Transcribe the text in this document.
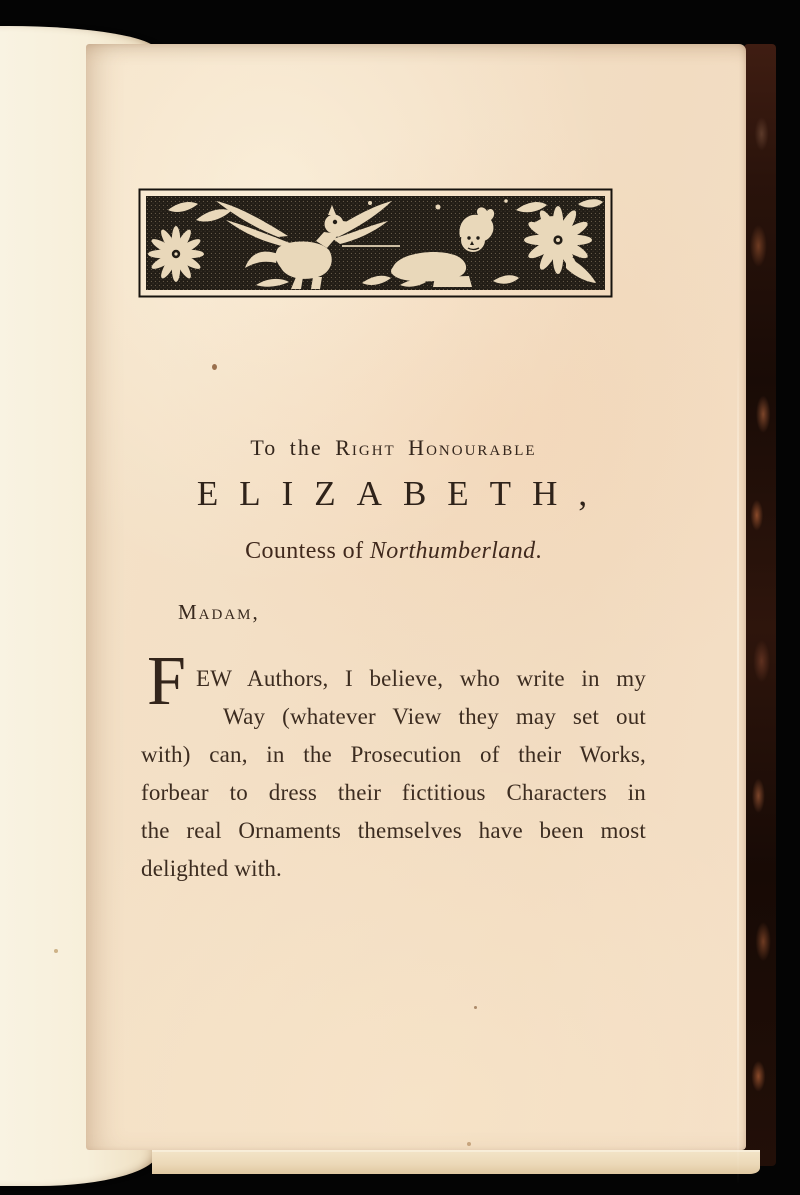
To the Right Honourable
ELIZABETH,
Countess of Northumberland.
Madam,
F EW Authors, I believe, who write in my
Way (whatever View they may set out
with) can, in the Prosecution of their Works,
forbear to dress their fictitious Characters in
the real Ornaments themselves have been most
delighted with.
